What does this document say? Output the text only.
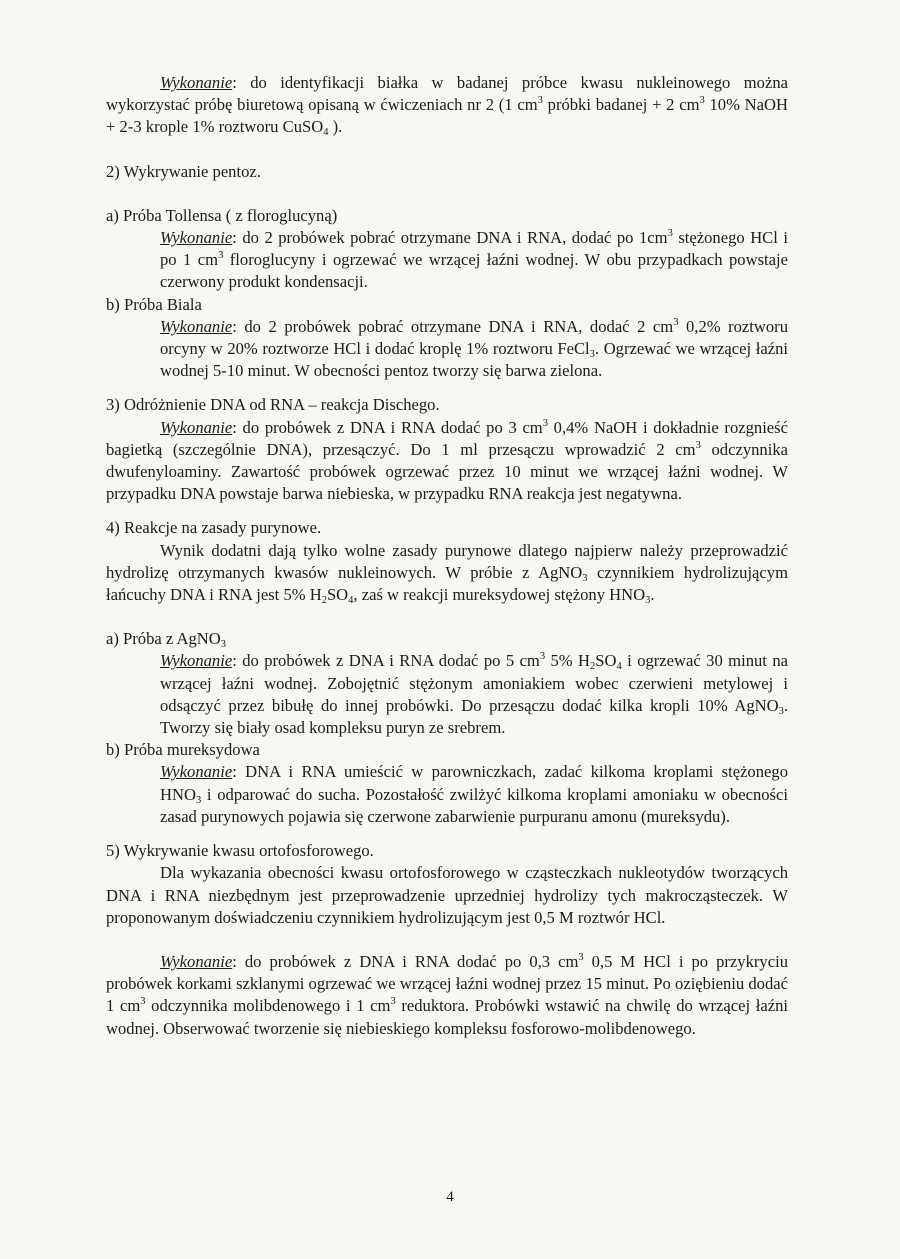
Wykonanie: do identyfikacji białka w badanej próbce kwasu nukleinowego można wykorzystać próbę biuretową opisaną w ćwiczeniach nr 2 (1 $cm^3$ próbki badanej + 2 $cm^3$ 10% NaOH + 2-3 krople 1% roztworu CuSO$_4$ ).

2) Wykrywanie pentoz.

a) Próba Tollensa ( z floroglucyną)

Wykonanie: do 2 probówek pobrać otrzymane DNA i RNA, dodać po $1cm^3$ stężonego HCl i po 1 $cm^3$ floroglucyny i ogrzewać we wrzącej łaźni wodnej. W obu przypadkach powstaje czerwony produkt kondensacji.

b) Próba Biala

Wykonanie: do 2 probówek pobrać otrzymane DNA i RNA, dodać 2 $cm^3$ 0,2% roztworu orcyny w 20% roztworze HCl i dodać kroplę 1% roztworu FeCl$_3$. Ogrzewać we wrzącej łaźni wodnej 5-10 minut. W obecności pentoz tworzy się barwa zielona.

3) Odróżnienie DNA od RNA – reakcja Dischego.

Wykonanie: do probówek z DNA i RNA dodać po 3 $cm^3$ 0,4% NaOH i dokładnie rozgnieść bagietką (szczególnie DNA), przesączyć. Do 1 ml przesączu wprowadzić 2 $cm^3$ odczynnika dwufenyloaminy. Zawartość probówek ogrzewać przez 10 minut we wrzącej łaźni wodnej. W przypadku DNA powstaje barwa niebieska, w przypadku RNA reakcja jest negatywna.

4) Reakcje na zasady purynowe.

Wynik dodatni dają tylko wolne zasady purynowe dlatego najpierw należy przeprowadzić hydrolizę otrzymanych kwasów nukleinowych. W próbie z AgNO$_3$ czynnikiem hydrolizującym łańcuchy DNA i RNA jest 5% $H_2SO_4$, zaś w reakcji mureksydowej stężony $HNO_3$.

a) Próba z AgNO$_3$

Wykonanie: do probówek z DNA i RNA dodać po 5 $cm^3$ 5% $H_2SO_4$ i ogrzewać 30 minut na wrzącej łaźni wodnej. Zobojętnić stężonym amoniakiem wobec czerwieni metylowej i odsączyć przez bibułę do innej probówki. Do przesączu dodać kilka kropli 10% AgNO$_3$. Tworzy się biały osad kompleksu puryn ze srebrem.

b) Próba mureksydowa

Wykonanie: DNA i RNA umieścić w parowniczkach, zadać kilkoma kroplami stężonego $HNO_3$ i odparować do sucha. Pozostałość zwilżyć kilkoma kroplami amoniaku w obecności zasad purynowych pojawia się czerwone zabarwienie purpuranu amonu (mureksydu).

5) Wykrywanie kwasu ortofosforowego.

Dla wykazania obecności kwasu ortofosforowego w cząsteczkach nukleotydów tworzących DNA i RNA niezbędnym jest przeprowadzenie uprzedniej hydrolizy tych makrocząsteczek. W proponowanym doświadczeniu czynnikiem hydrolizującym jest 0,5 M roztwór HCl.

Wykonanie: do probówek z DNA i RNA dodać po 0,3 $cm^3$ 0,5 M HCl i po przykryciu probówek korkami szklanymi ogrzewać we wrzącej łaźni wodnej przez 15 minut. Po oziębieniu dodać 1 $cm^3$ odczynnika molibdenowego i 1 $cm^3$ reduktora. Probówki wstawić na chwilę do wrzącej łaźni wodnej. Obserwować tworzenie się niebieskiego kompleksu fosforowo-molibdenowego.

4
